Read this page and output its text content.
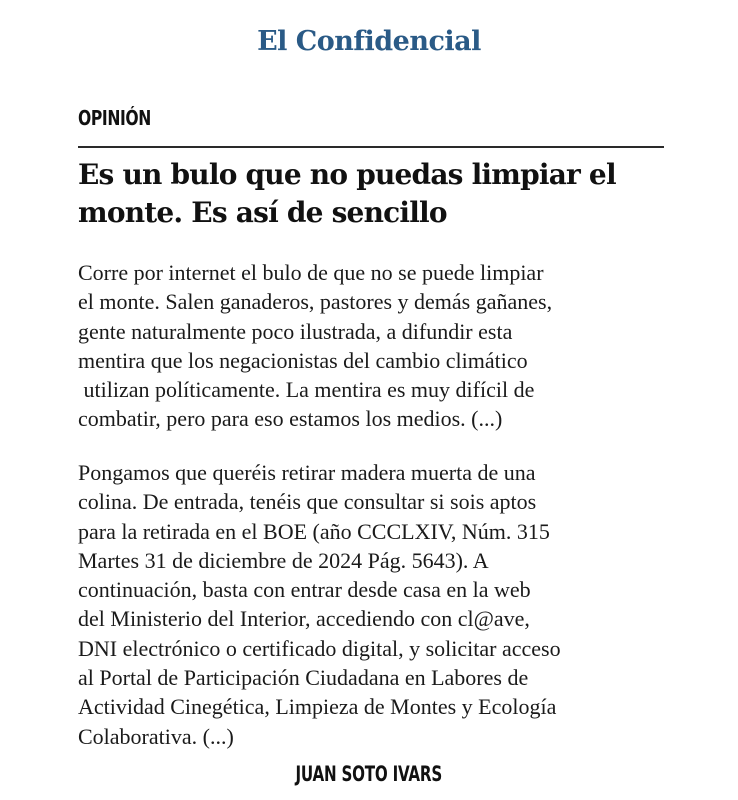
El Confidencial
OPINIÓN
Es un bulo que no puedas limpiar el
monte. Es así de sencillo
Corre por internet el bulo de que no se puede limpiar
el monte. Salen ganaderos, pastores y demás gañanes,
gente naturalmente poco ilustrada, a difundir esta
mentira que los negacionistas del cambio climático
utilizan políticamente. La mentira es muy difícil de
combatir, pero para eso estamos los medios. (...)
Pongamos que queréis retirar madera muerta de una
colina. De entrada, tenéis que consultar si sois aptos
para la retirada en el BOE (año CCCLXIV, Núm. 315
Martes 31 de diciembre de 2024 Pág. 5643). A
continuación, basta con entrar desde casa en la web
del Ministerio del Interior, accediendo con cl@ave,
DNI electrónico o certificado digital, y solicitar acceso
al Portal de Participación Ciudadana en Labores de
Actividad Cinegética, Limpieza de Montes y Ecología
Colaborativa. (...)
JUAN SOTO IVARS
